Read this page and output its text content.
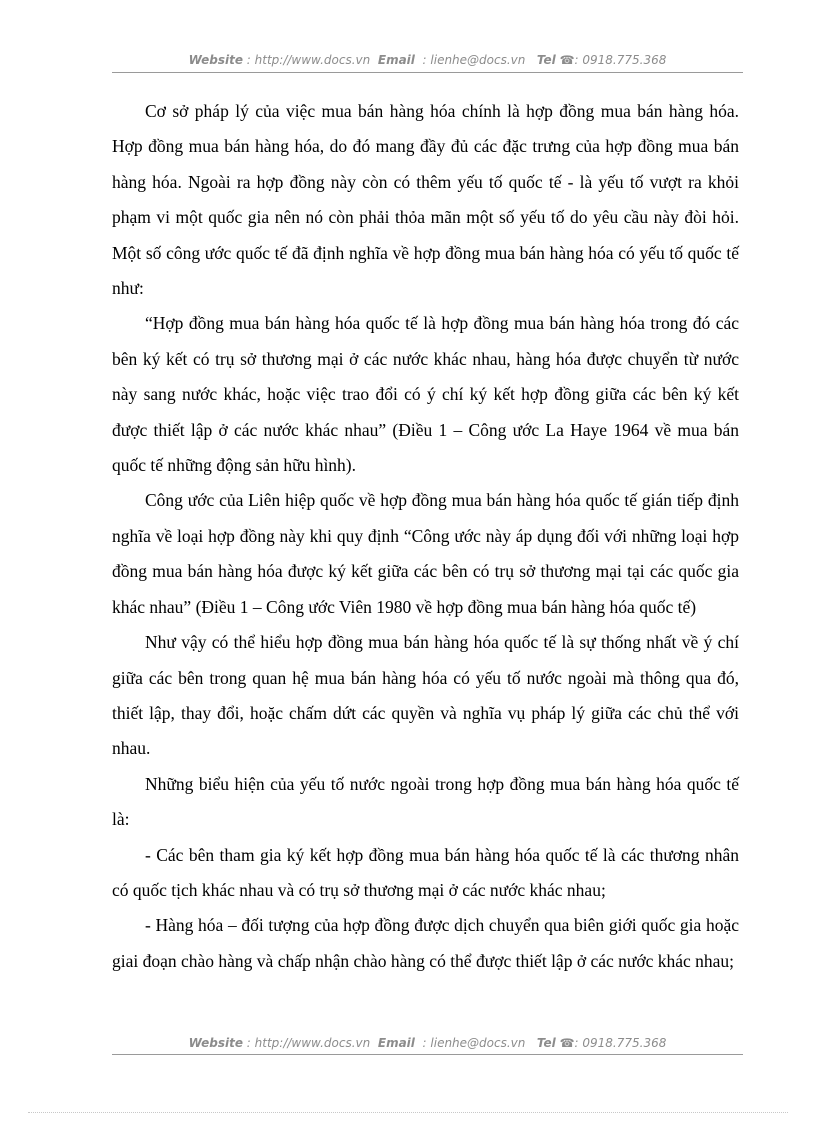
Website : http://www.docs.vn Email : lienhe@docs.vn Tel ☎: 0918.775.368

Cơ sở pháp lý của việc mua bán hàng hóa chính là hợp đồng mua bán hàng hóa. Hợp đồng mua bán hàng hóa, do đó mang đầy đủ các đặc trưng của hợp đồng mua bán hàng hóa. Ngoài ra hợp đồng này còn có thêm yếu tố quốc tế - là yếu tố vượt ra khỏi phạm vi một quốc gia nên nó còn phải thỏa mãn một số yếu tố do yêu cầu này đòi hỏi. Một số công ước quốc tế đã định nghĩa về hợp đồng mua bán hàng hóa có yếu tố quốc tế như:

“Hợp đồng mua bán hàng hóa quốc tế là hợp đồng mua bán hàng hóa trong đó các bên ký kết có trụ sở thương mại ở các nước khác nhau, hàng hóa được chuyển từ nước này sang nước khác, hoặc việc trao đổi có ý chí ký kết hợp đồng giữa các bên ký kết được thiết lập ở các nước khác nhau” (Điều 1 – Công ước La Haye 1964 về mua bán quốc tế những động sản hữu hình).

Công ước của Liên hiệp quốc về hợp đồng mua bán hàng hóa quốc tế gián tiếp định nghĩa về loại hợp đồng này khi quy định “Công ước này áp dụng đối với những loại hợp đồng mua bán hàng hóa được ký kết giữa các bên có trụ sở thương mại tại các quốc gia khác nhau” (Điều 1 – Công ước Viên 1980 về hợp đồng mua bán hàng hóa quốc tế)

Như vậy có thể hiểu hợp đồng mua bán hàng hóa quốc tế là sự thống nhất về ý chí giữa các bên trong quan hệ mua bán hàng hóa có yếu tố nước ngoài mà thông qua đó, thiết lập, thay đổi, hoặc chấm dứt các quyền và nghĩa vụ pháp lý giữa các chủ thể với nhau.

Những biểu hiện của yếu tố nước ngoài trong hợp đồng mua bán hàng hóa quốc tế là:

- Các bên tham gia ký kết hợp đồng mua bán hàng hóa quốc tế là các thương nhân có quốc tịch khác nhau và có trụ sở thương mại ở các nước khác nhau;

- Hàng hóa – đối tượng của hợp đồng được dịch chuyển qua biên giới quốc gia hoặc giai đoạn chào hàng và chấp nhận chào hàng có thể được thiết lập ở các nước khác nhau;

Website : http://www.docs.vn Email : lienhe@docs.vn Tel ☎: 0918.775.368
